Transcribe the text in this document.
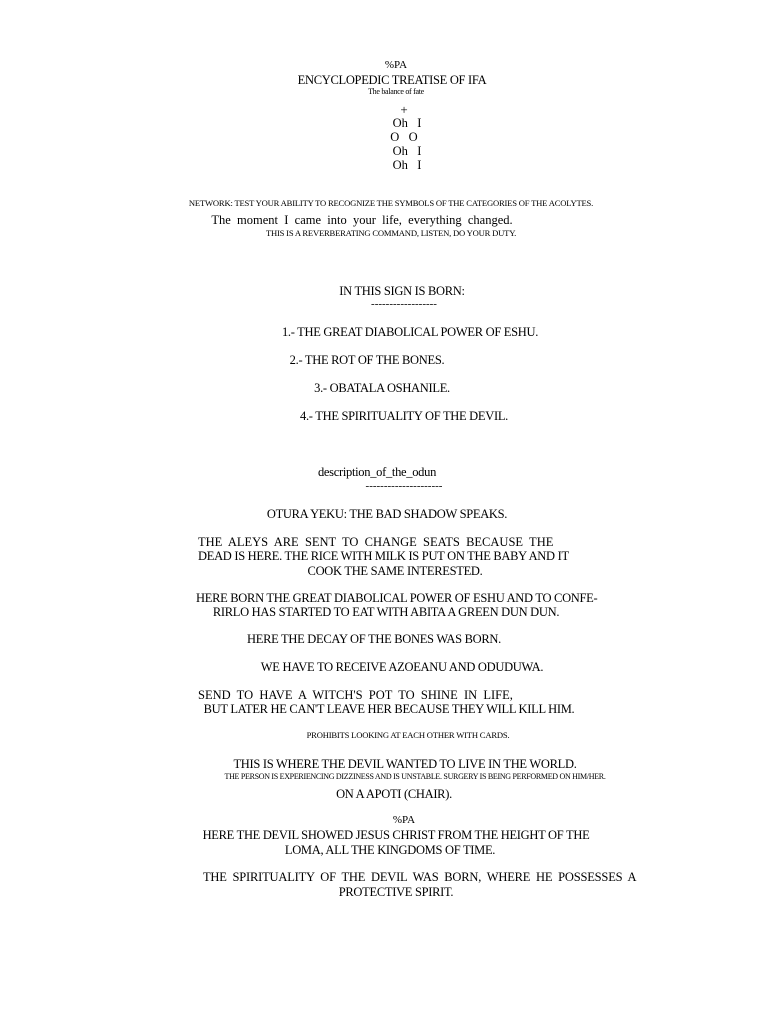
%PA
ENCYCLOPEDIC TREATISE OF IFA
The balance of fate
+
Oh   I
O   O
Oh   I
Oh   I
NETWORK: TEST YOUR ABILITY TO RECOGNIZE THE SYMBOLS OF THE CATEGORIES OF THE ACOLYTES.
The  moment  I  came  into  your  life,  everything  changed.
THIS IS A REVERBERATING COMMAND, LISTEN, DO YOUR DUTY.
IN THIS SIGN IS BORN:
------------------
1.- THE GREAT DIABOLICAL POWER OF ESHU.
2.- THE ROT OF THE BONES.
3.- OBATALA OSHANILE.
4.- THE SPIRITUALITY OF THE DEVIL.
description_of_the_odun
---------------------
OTURA YEKU: THE BAD SHADOW SPEAKS.
THE  ALEYS  ARE  SENT  TO  CHANGE  SEATS  BECAUSE  THE
DEAD IS HERE. THE RICE WITH MILK IS PUT ON THE BABY AND IT
COOK THE SAME INTERESTED.
HERE BORN THE GREAT DIABOLICAL POWER OF ESHU AND TO CONFE-
RIRLO HAS STARTED TO EAT WITH ABITA A GREEN DUN DUN.
HERE THE DECAY OF THE BONES WAS BORN.
WE HAVE TO RECEIVE AZOEANU AND ODUDUWA.
SEND  TO  HAVE  A  WITCH'S  POT  TO  SHINE  IN  LIFE,
BUT LATER HE CAN'T LEAVE HER BECAUSE THEY WILL KILL HIM.
PROHIBITS LOOKING AT EACH OTHER WITH CARDS.
THIS IS WHERE THE DEVIL WANTED TO LIVE IN THE WORLD.
THE PERSON IS EXPERIENCING DIZZINESS AND IS UNSTABLE. SURGERY IS BEING PERFORMED ON HIM/HER.
ON A APOTI (CHAIR).
%PA
HERE THE DEVIL SHOWED JESUS CHRIST FROM THE HEIGHT OF THE
LOMA, ALL THE KINGDOMS OF TIME.
THE  SPIRITUALITY  OF  THE  DEVIL  WAS  BORN,  WHERE  HE  POSSESSES  A
PROTECTIVE SPIRIT.
